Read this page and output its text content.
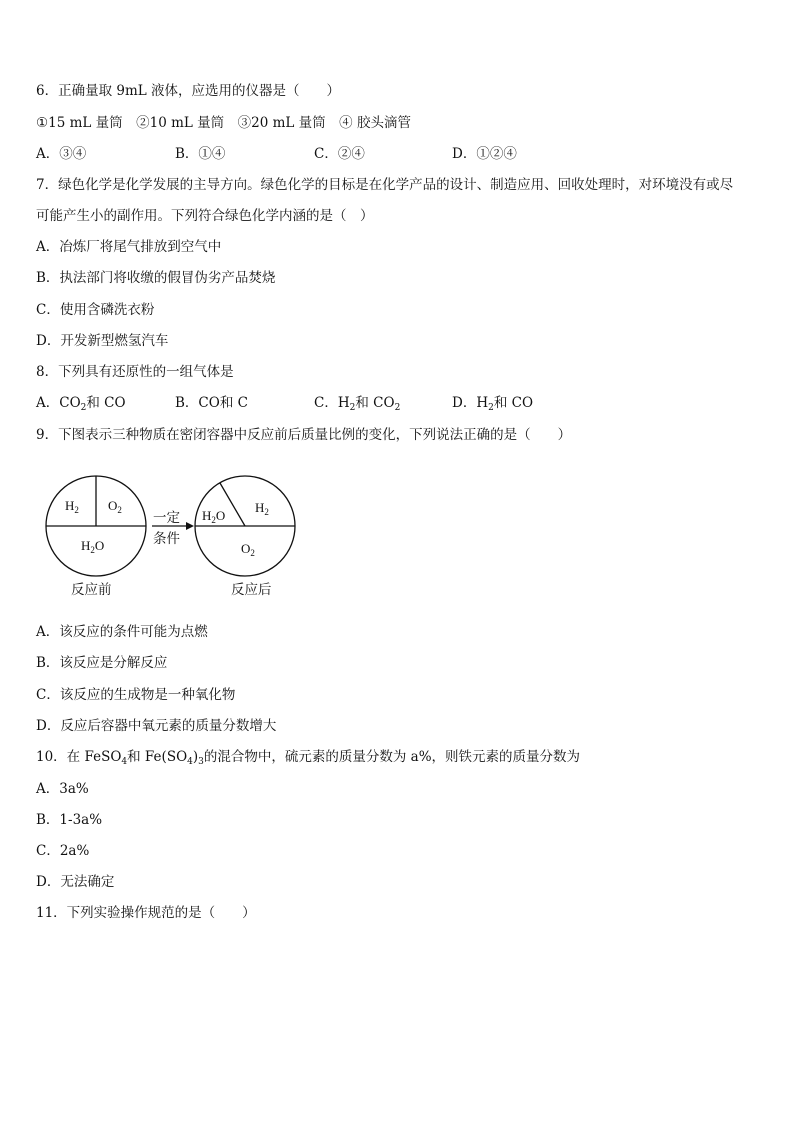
6．正确量取 9mL 液体，应选用的仪器是（　　）
①15 mL 量筒　②10 mL 量筒　③20 mL 量筒　④ 胶头滴管
A．③④	B．①④	C．②④	D．①②④
7．绿色化学是化学发展的主导方向。绿色化学的目标是在化学产品的设计、制造应用、回收处理时，对环境没有或尽
可能产生小的副作用。下列符合绿色化学内涵的是（　）
A．冶炼厂将尾气排放到空气中
B．执法部门将收缴的假冒伪劣产品焚烧
C．使用含磷洗衣粉
D．开发新型燃氢汽车
8．下列具有还原性的一组气体是
A．$CO_2$和 CO	B．CO和 C	C．$H_2$和 $CO_2$	D．$H_2$和 CO
9．下图表示三种物质在密闭容器中反应前后质量比例的变化，下列说法正确的是（　　）
$H_2$ $O_2$
$H_2O$
反应前
一定
条件
$H_2O$
$H_2$
$O_2$
反应后
A．该反应的条件可能为点燃
B．该反应是分解反应
C．该反应的生成物是一种氧化物
D．反应后容器中氧元素的质量分数增大
10．在 FeSO$_4$和 $Fe(SO_4)_3$的混合物中，硫元素的质量分数为 a%，则铁元素的质量分数为
A．3a%
B．1-3a%
C．2a%
D．无法确定
11．下列实验操作规范的是（　　）
